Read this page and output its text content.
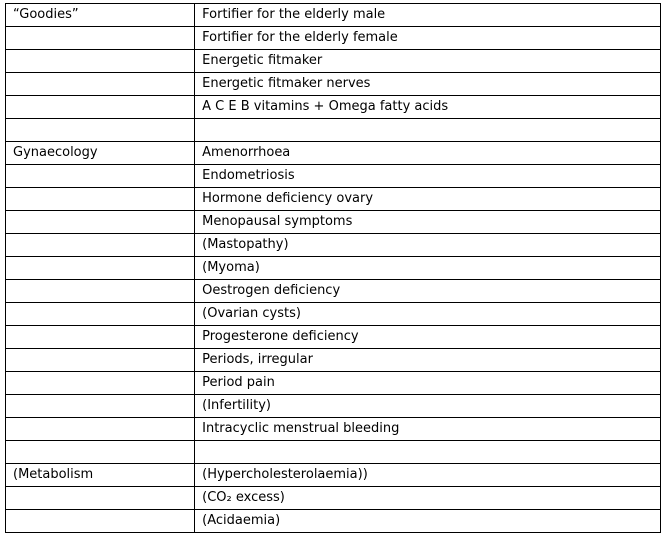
“Goodies”	Fortifier for the elderly male
	Fortifier for the elderly female
	Energetic fitmaker
	Energetic fitmaker nerves
	A C E B vitamins + Omega fatty acids

Gynaecology	Amenorrhoea
	Endometriosis
	Hormone deficiency ovary
	Menopausal symptoms
	(Mastopathy)
	(Myoma)
	Oestrogen deficiency
	(Ovarian cysts)
	Progesterone deficiency
	Periods, irregular
	Period pain
	(Infertility)
	Intracyclic menstrual bleeding

(Metabolism	(Hypercholesterolaemia))
	(CO₂ excess)
	(Acidaemia)
